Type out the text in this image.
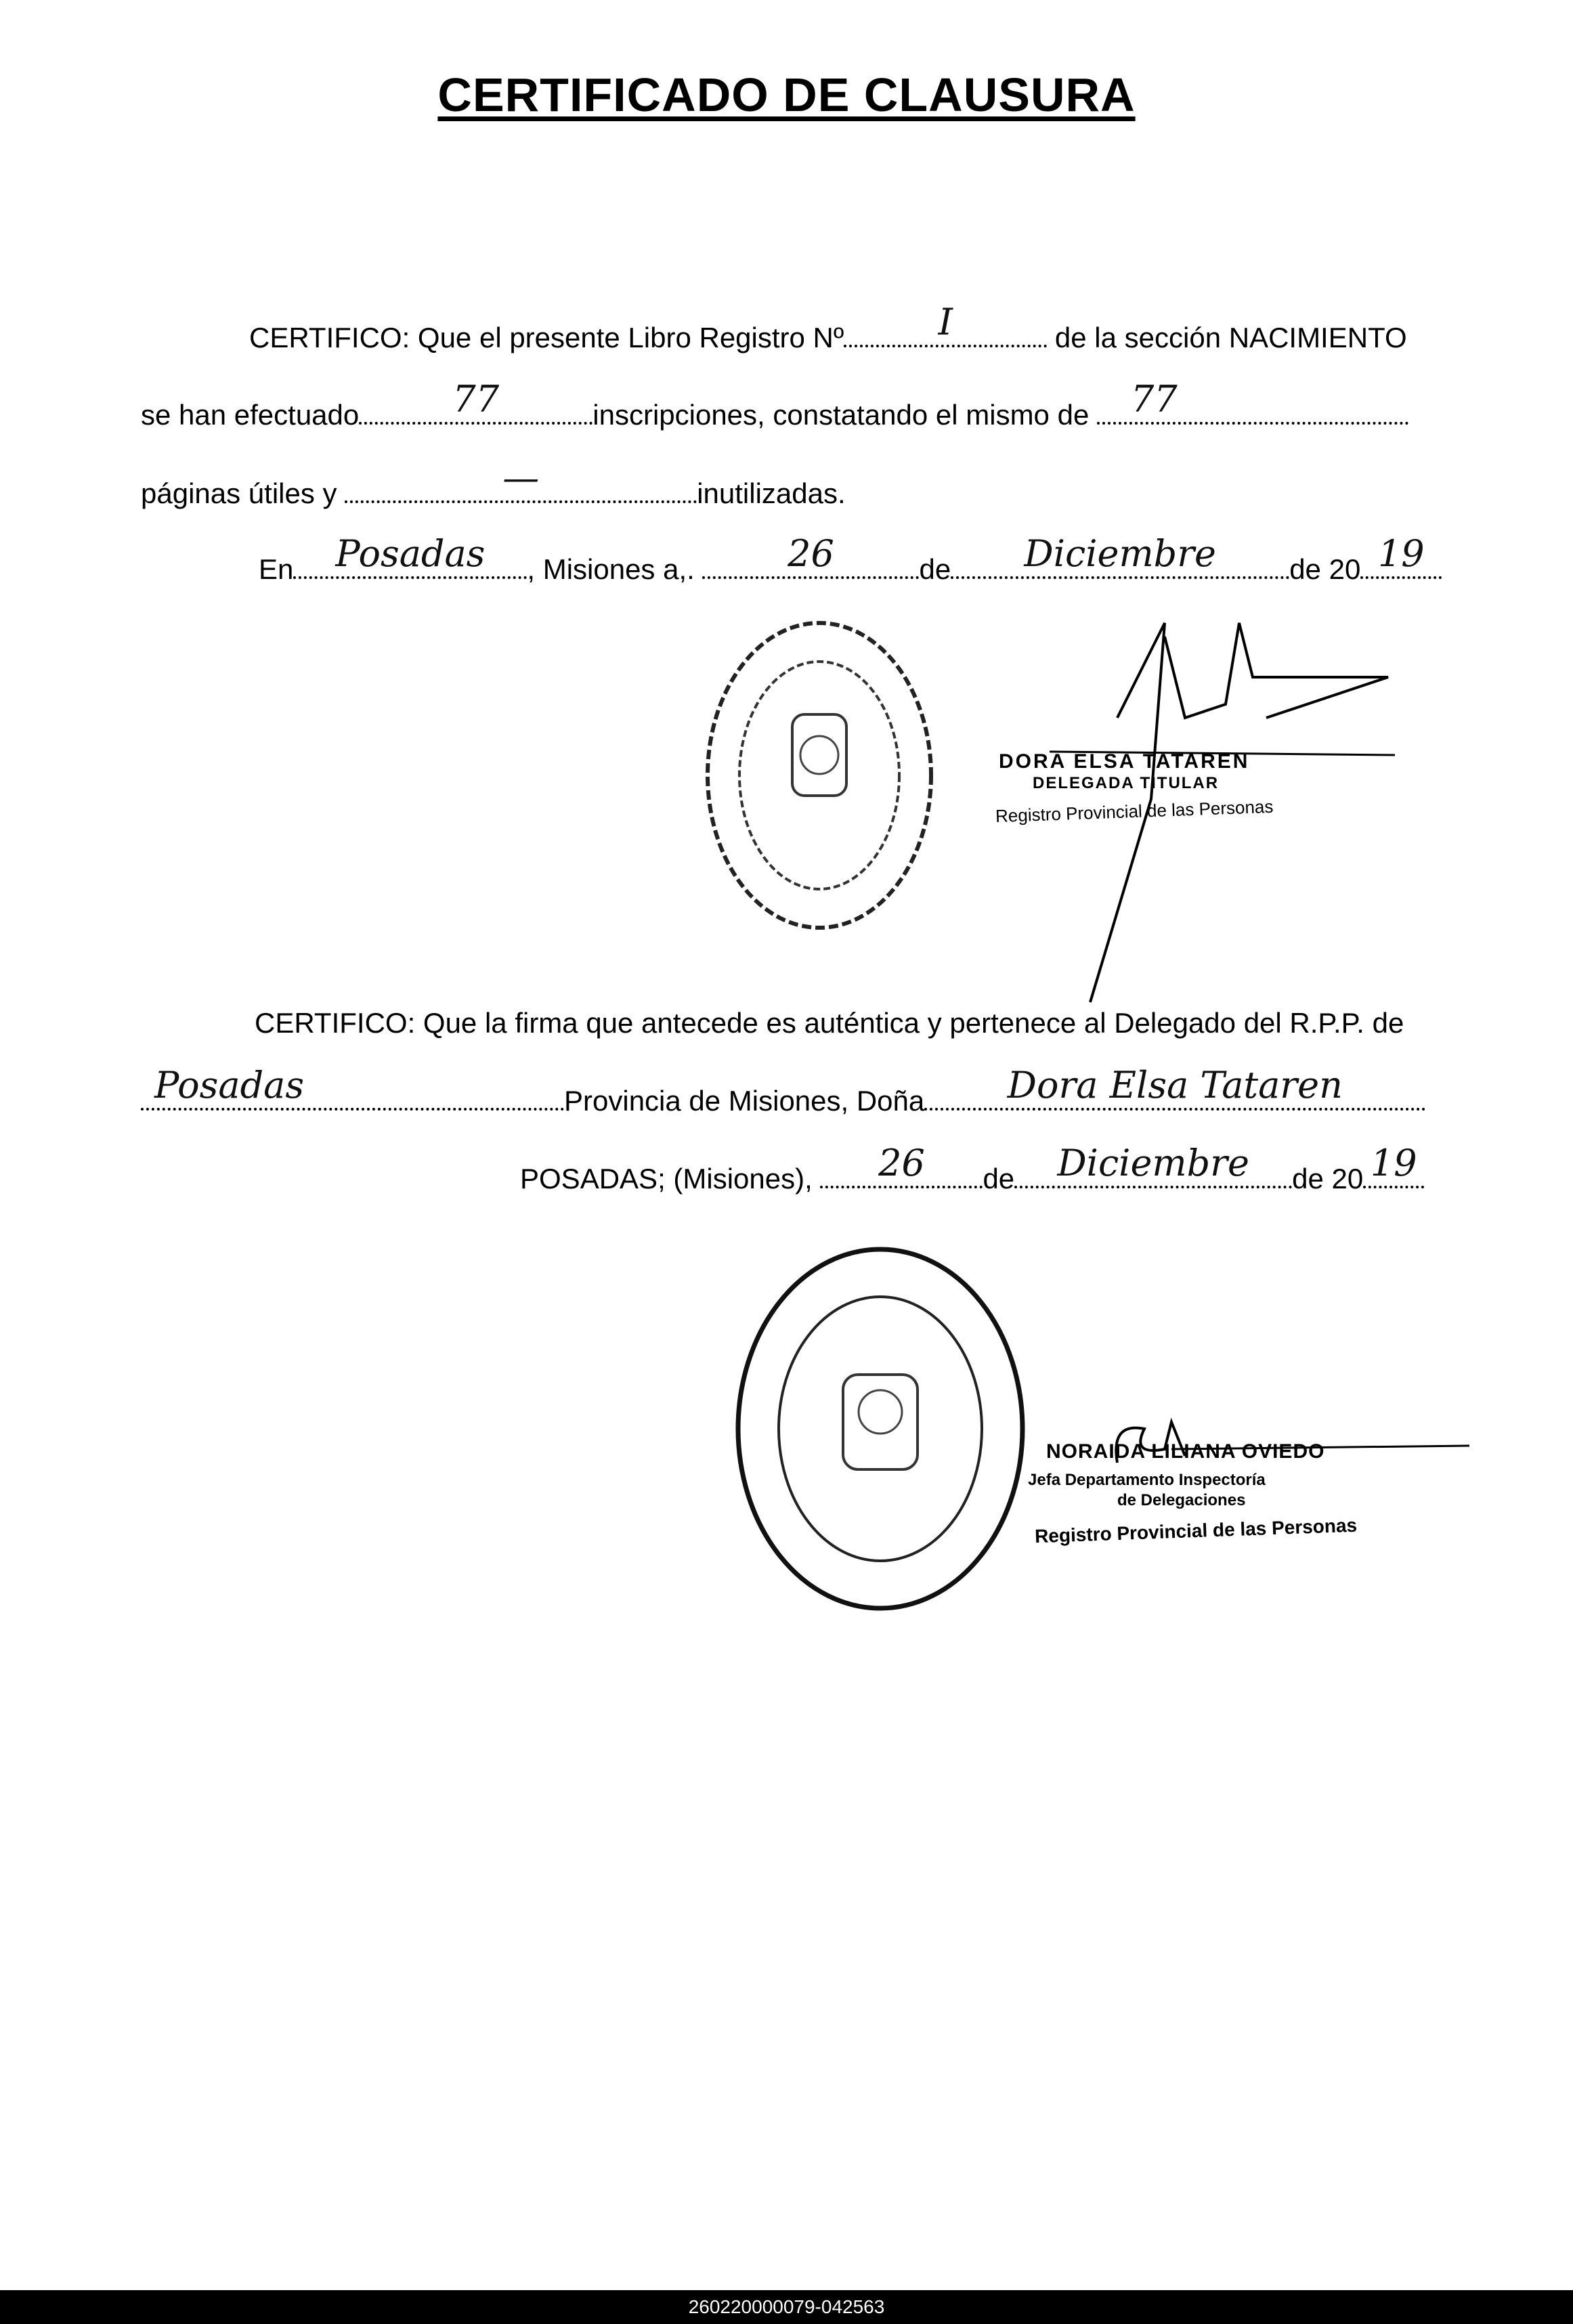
CERTIFICADO DE CLAUSURA
CERTIFICO: Que el presente Libro Registro Nº	I	de la sección NACIMIENTO
se han efectuado	77	inscripciones, constatando el mismo de 77
páginas útiles y	—	inutilizadas.
En	Posadas	, Misiones a,.	26	de	Diciembre	de 20 19
DORA ELSA TATAREN
DELEGADA TITULAR
Registro Provincial de las Personas
CERTIFICO: Que la firma que antecede es auténtica y pertenece al Delegado del R.P.P. de
Posadas	Provincia de Misiones, Doña	Dora Elsa Tataren
POSADAS; (Misiones),	26	de	Diciembre	de 20 19
NORAIDA LILIANA OVIEDO
Jefa Departamento Inspectoría
de Delegaciones
Registro Provincial de las Personas
260220000079-042563
